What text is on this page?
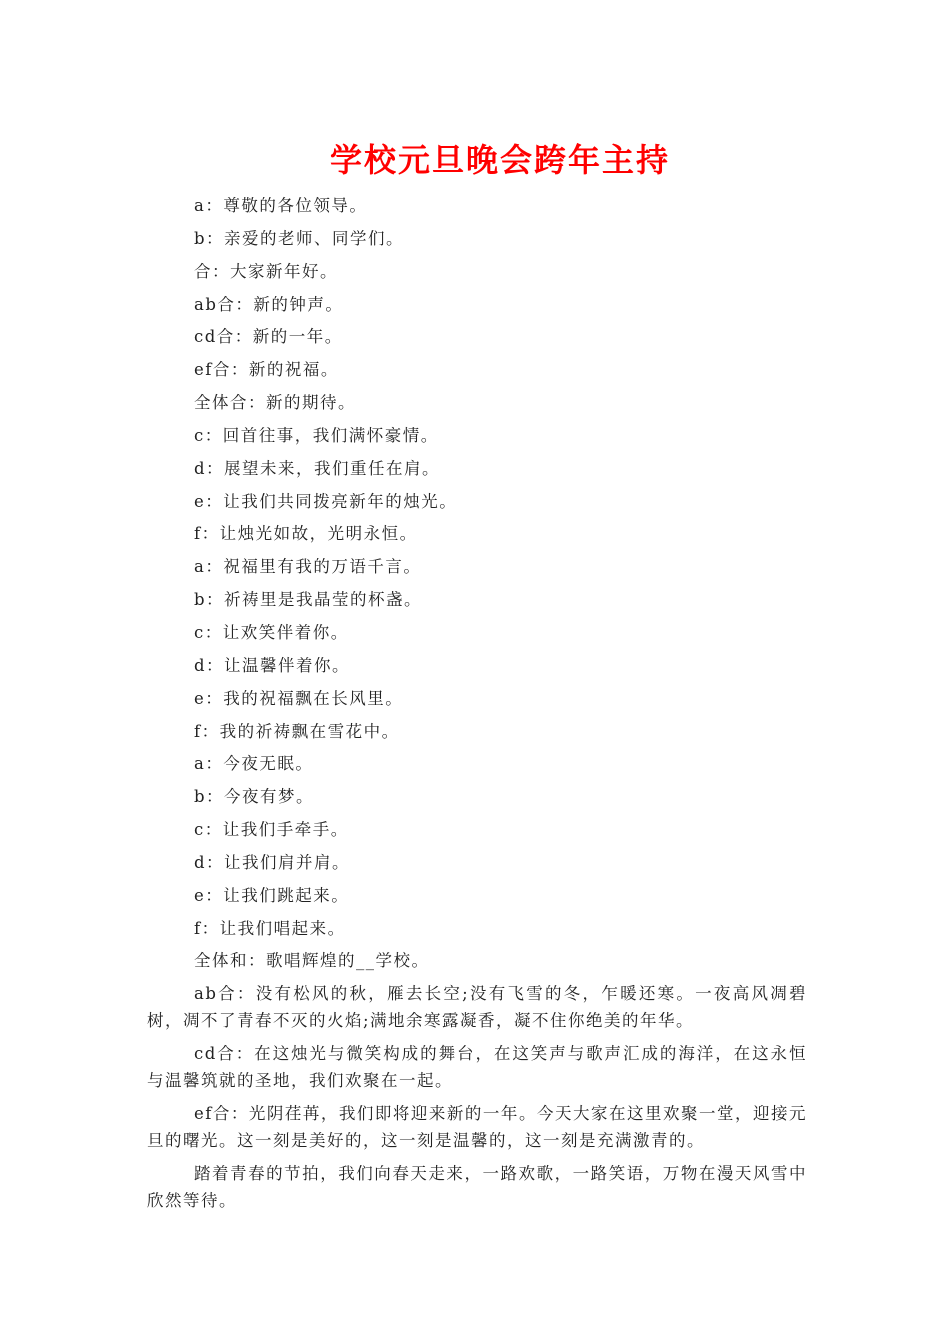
学校元旦晚会跨年主持
a：尊敬的各位领导。
b：亲爱的老师、同学们。
合：大家新年好。
ab合：新的钟声。
cd合：新的一年。
ef合：新的祝福。
全体合：新的期待。
c：回首往事，我们满怀豪情。
d：展望未来，我们重任在肩。
e：让我们共同拨亮新年的烛光。
f：让烛光如故，光明永恒。
a：祝福里有我的万语千言。
b：祈祷里是我晶莹的杯盏。
c：让欢笑伴着你。
d：让温馨伴着你。
e：我的祝福飘在长风里。
f：我的祈祷飘在雪花中。
a：今夜无眠。
b：今夜有梦。
c：让我们手牵手。
d：让我们肩并肩。
e：让我们跳起来。
f：让我们唱起来。
全体和：歌唱辉煌的__学校。

ab合：没有松风的秋，雁去长空;没有飞雪的冬，乍暖还寒。一夜高风凋碧树，凋不了青春不灭的火焰;满地余寒露凝香，凝不住你绝美的年华。

cd合：在这烛光与微笑构成的舞台，在这笑声与歌声汇成的海洋，在这永恒与温馨筑就的圣地，我们欢聚在一起。

ef合：光阴荏苒，我们即将迎来新的一年。今天大家在这里欢聚一堂，迎接元旦的曙光。这一刻是美好的，这一刻是温馨的，这一刻是充满激青的。

踏着青春的节拍，我们向春天走来，一路欢歌，一路笑语，万物在漫天风雪中欣然等待。
